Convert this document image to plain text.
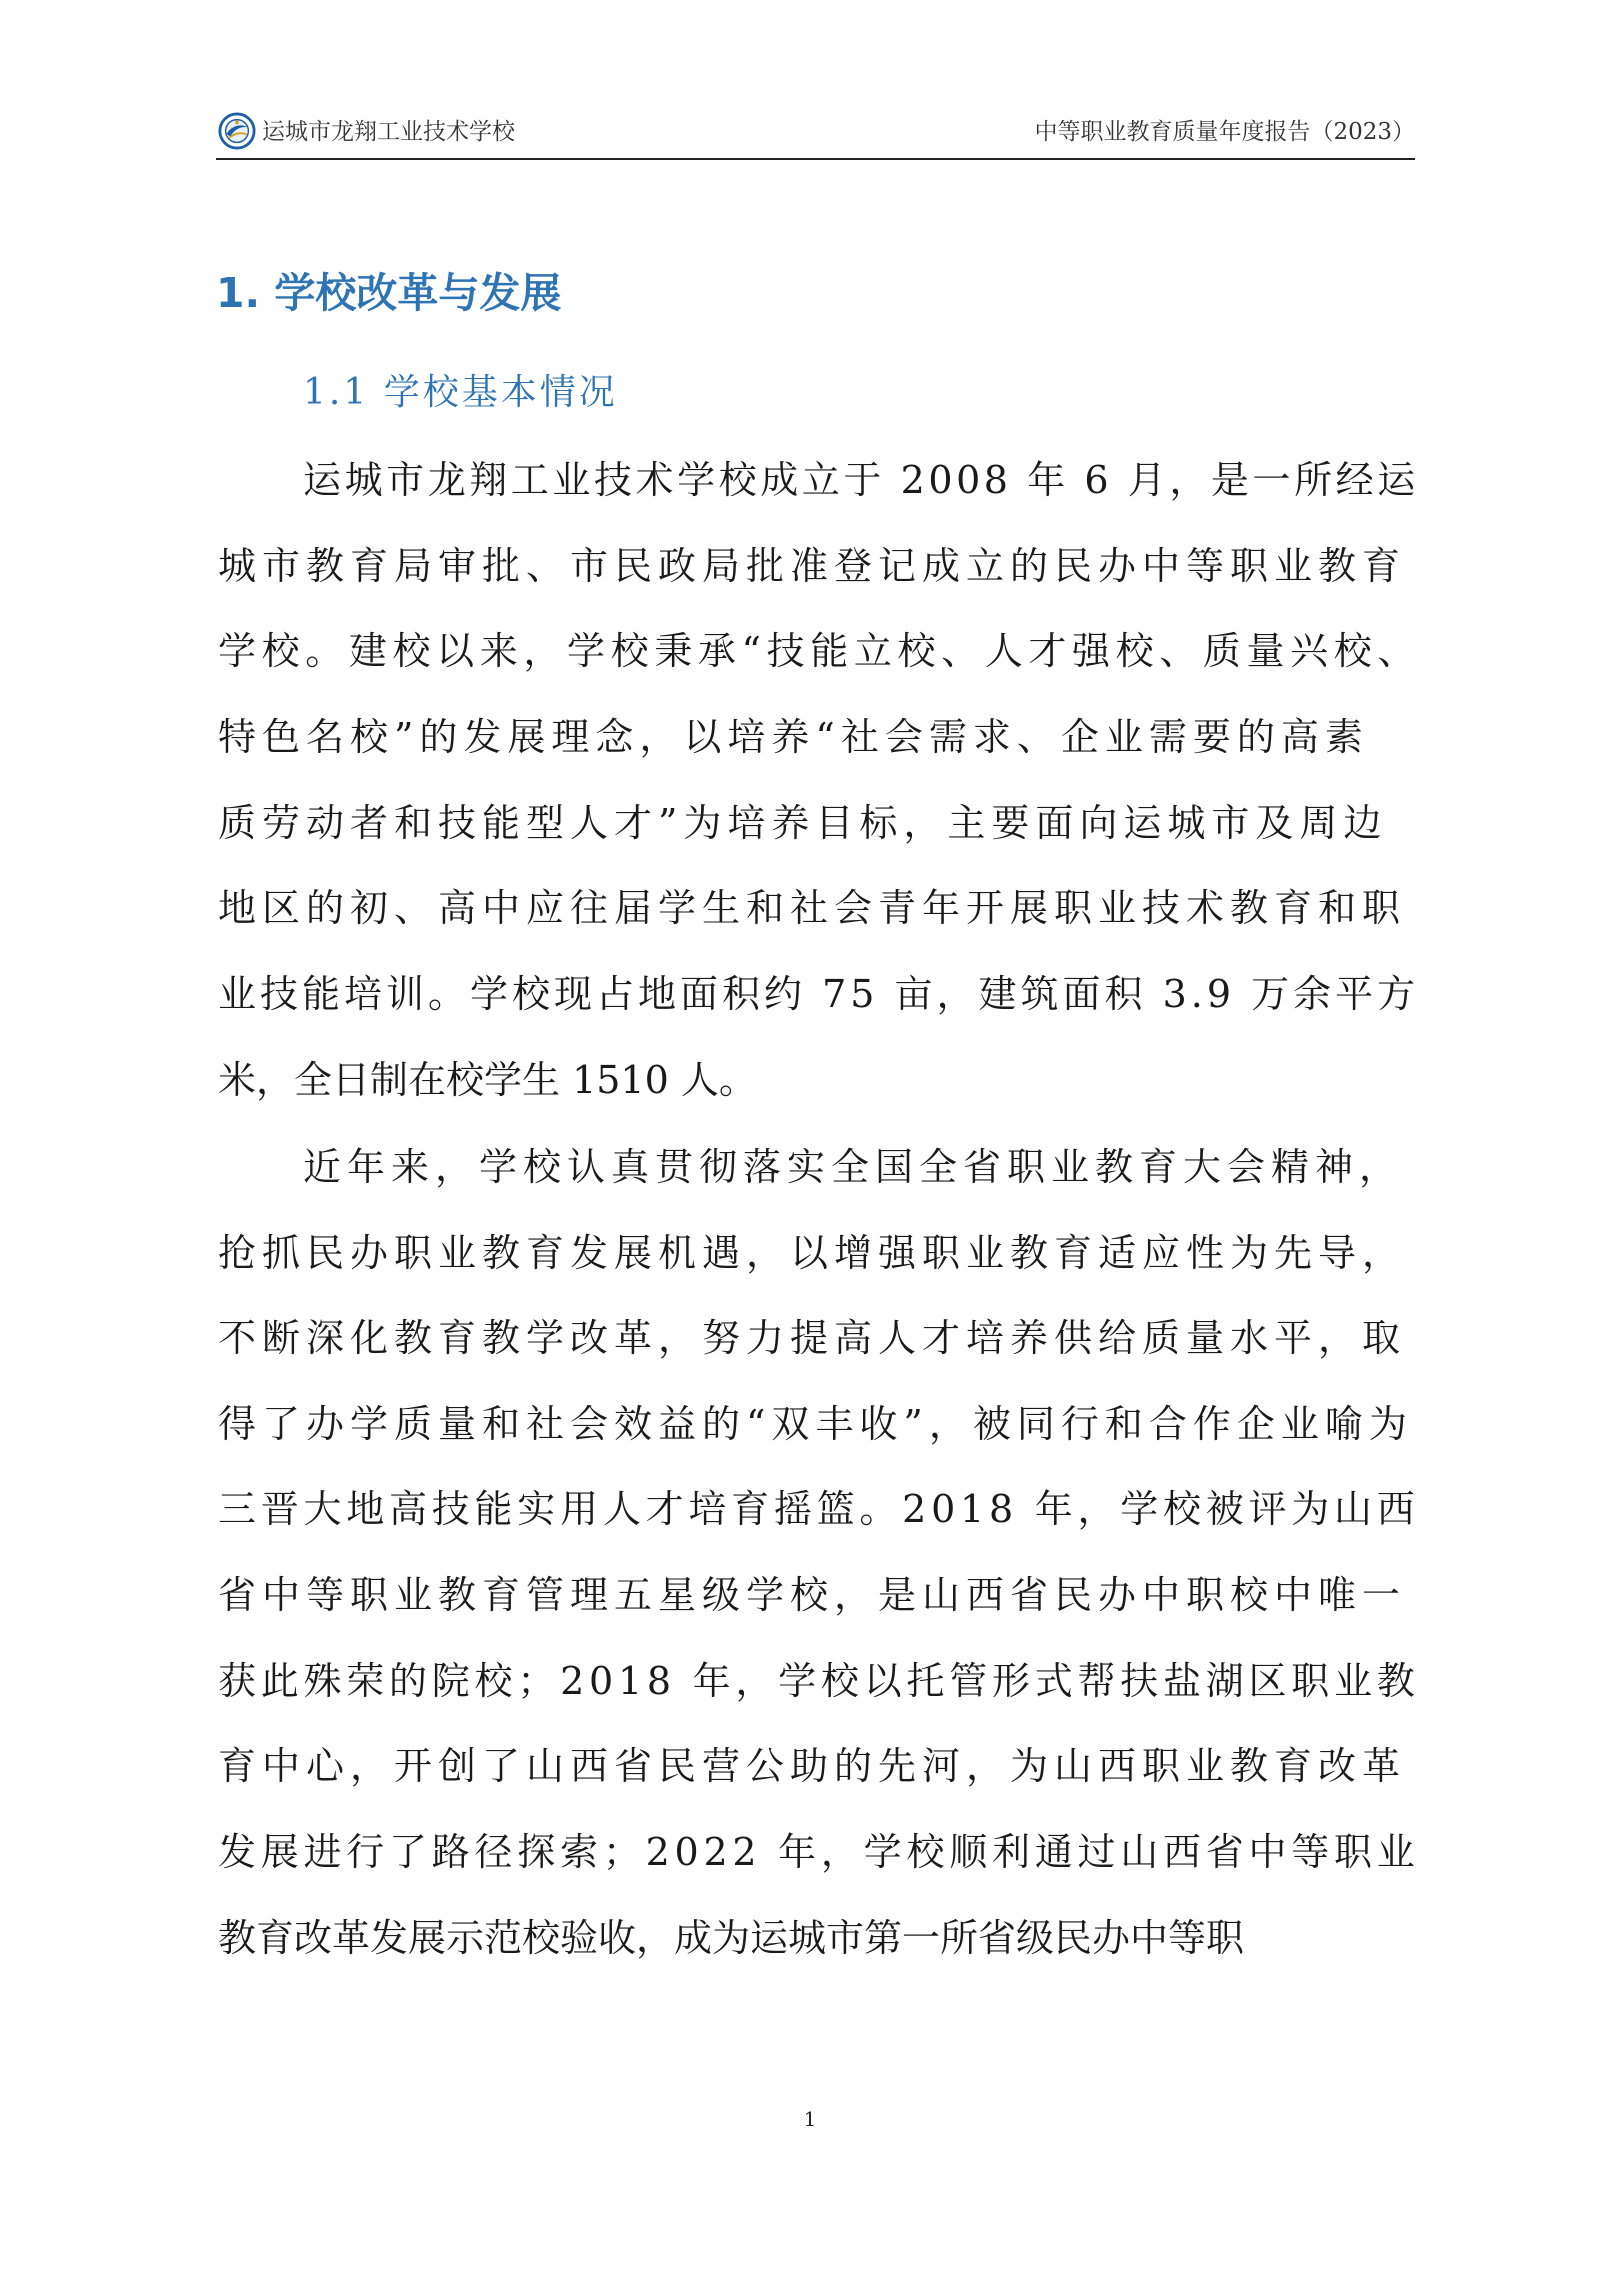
运城市龙翔工业技术学校	中等职业教育质量年度报告（2023）
1. 学校改革与发展
1.1 学校基本情况
运城市龙翔工业技术学校成立于 2008 年 6 月，是一所经运
城市教育局审批、市民政局批准登记成立的民办中等职业教育
学校。建校以来，学校秉承“技能立校、人才强校、质量兴校、
特色名校”的发展理念，以培养“社会需求、企业需要的高素
质劳动者和技能型人才”为培养目标，主要面向运城市及周边
地区的初、高中应往届学生和社会青年开展职业技术教育和职
业技能培训。学校现占地面积约 75 亩，建筑面积 3.9 万余平方
米，全日制在校学生 1510 人。
近年来，学校认真贯彻落实全国全省职业教育大会精神，
抢抓民办职业教育发展机遇，以增强职业教育适应性为先导，
不断深化教育教学改革，努力提高人才培养供给质量水平，取
得了办学质量和社会效益的“双丰收”，被同行和合作企业喻为
三晋大地高技能实用人才培育摇篮。2018 年，学校被评为山西
省中等职业教育管理五星级学校，是山西省民办中职校中唯一
获此殊荣的院校；2018 年，学校以托管形式帮扶盐湖区职业教
育中心，开创了山西省民营公助的先河，为山西职业教育改革
发展进行了路径探索；2022 年，学校顺利通过山西省中等职业
教育改革发展示范校验收，成为运城市第一所省级民办中等职
1
